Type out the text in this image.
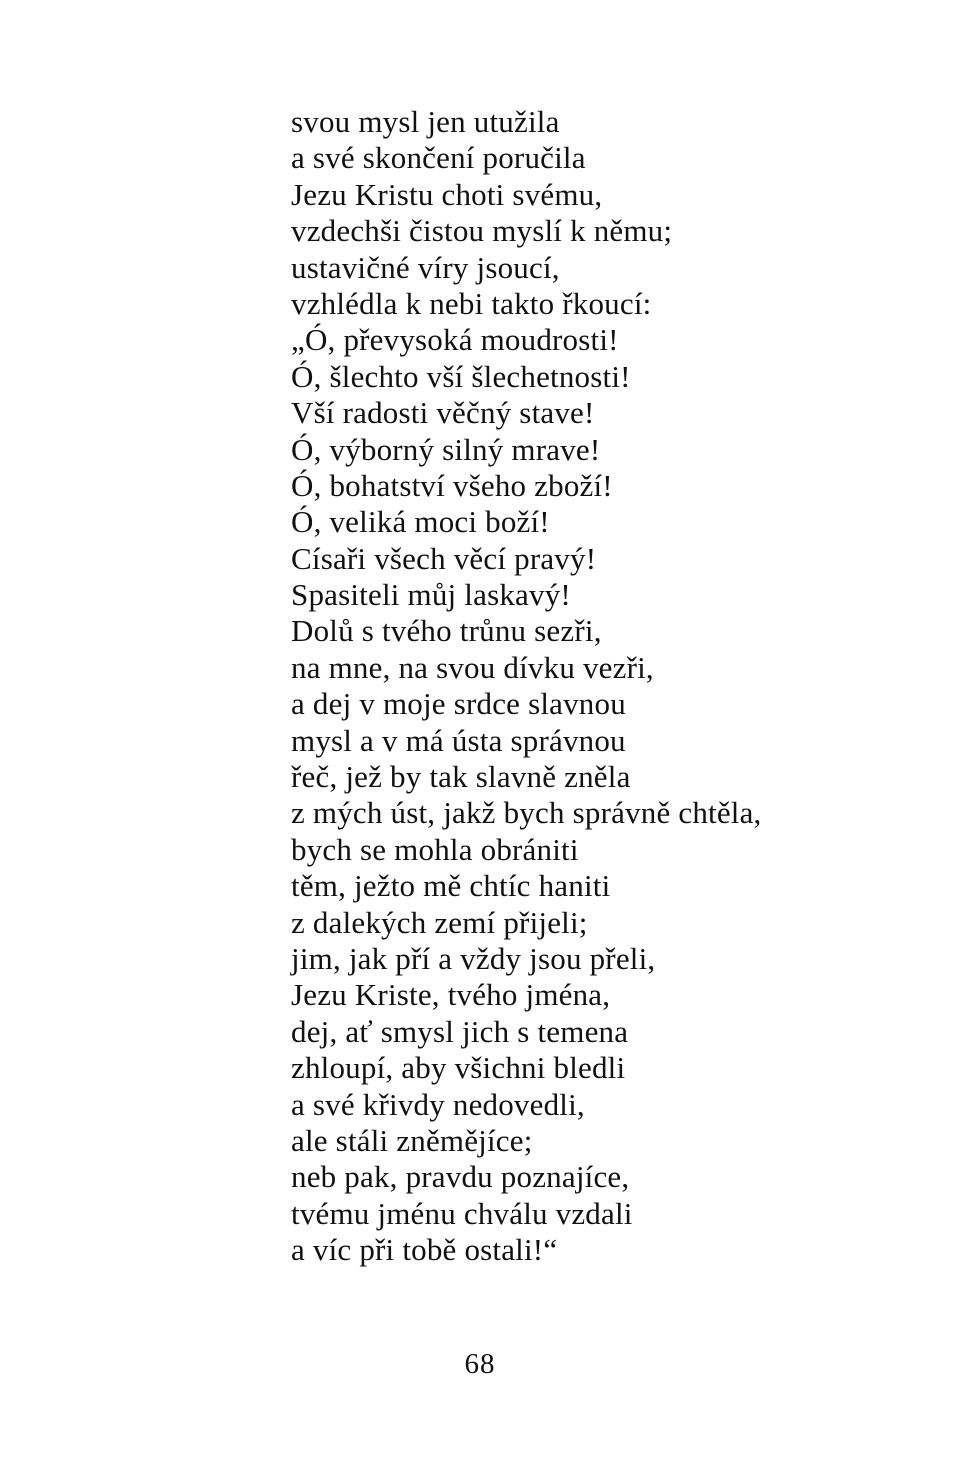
svou mysl jen utužila
a své skončení poručila
Jezu Kristu choti svému,
vzdechši čistou myslí k němu;
ustavičné víry jsoucí,
vzhlédla k nebi takto řkoucí:
„Ó, převysoká moudrosti!
Ó, šlechto vší šlechetnosti!
Vší radosti věčný stave!
Ó, výborný silný mrave!
Ó, bohatství všeho zboží!
Ó, veliká moci boží!
Císaři všech věcí pravý!
Spasiteli můj laskavý!
Dolů s tvého trůnu sezři,
na mne, na svou dívku vezři,
a dej v moje srdce slavnou
mysl a v má ústa správnou
řeč, jež by tak slavně zněla
z mých úst, jakž bych správně chtěla,
bych se mohla obrániti
těm, ježto mě chtíc haniti
z dalekých zemí přijeli;
jim, jak pří a vždy jsou přeli,
Jezu Kriste, tvého jména,
dej, ať smysl jich s temena
zhloupí, aby všichni bledli
a své křivdy nedovedli,
ale stáli zněmějíce;
neb pak, pravdu poznajíce,
tvému jménu chválu vzdali
a víc při tobě ostali!“
68
